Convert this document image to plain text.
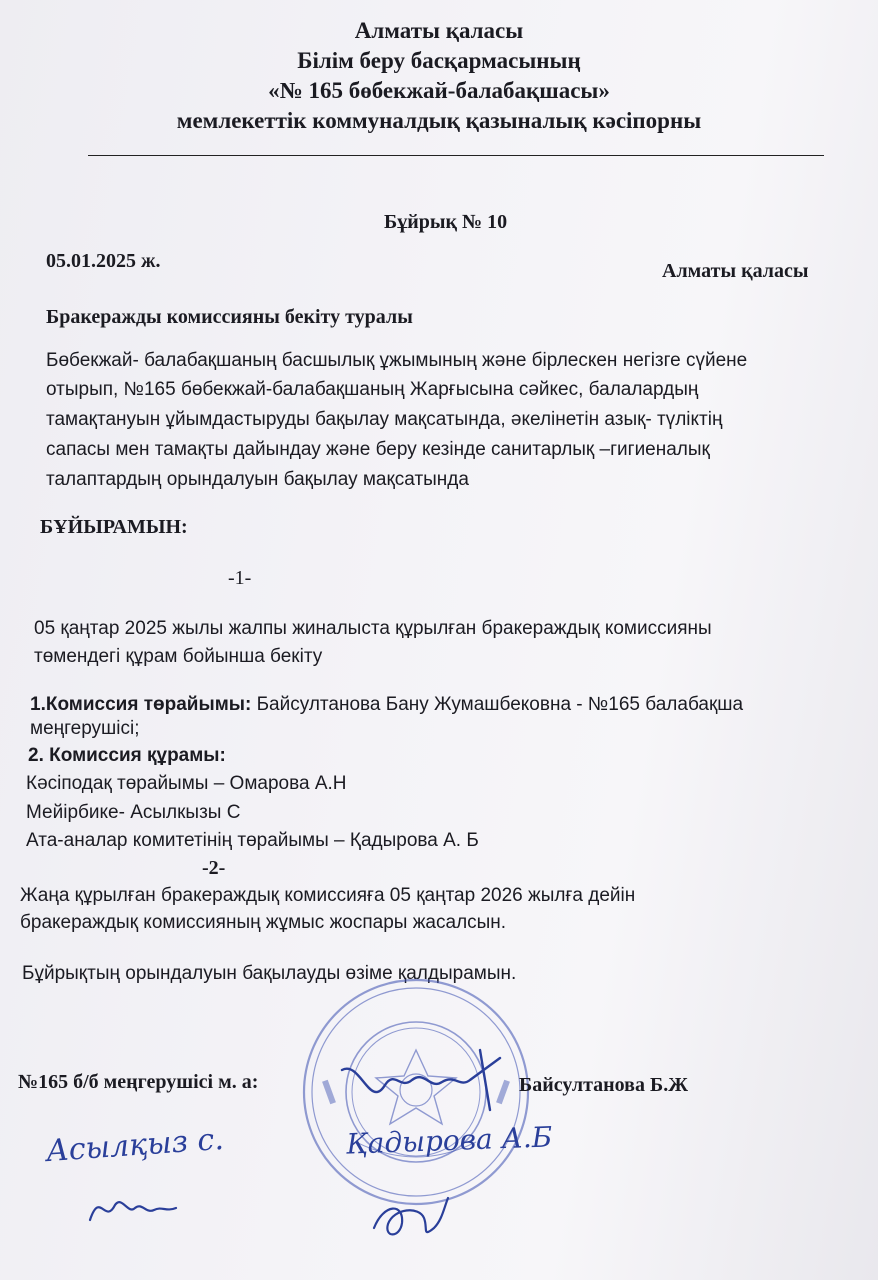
Алматы қаласы
Білім беру басқармасының
«№ 165 бөбекжай-балабақшасы»
мемлекеттік коммуналдық қазыналық кәсіпорны
Бұйрық № 10
05.01.2025 ж.	Алматы қаласы
Бракеражды комиссияны бекіту туралы
Бөбекжай- балабақшаның басшылық ұжымының және бірлескен негізге сүйене
отырып, №165 бөбекжай-балабақшаның Жарғысына сәйкес, балалардың
тамақтануын ұйымдастыруды бақылау мақсатында, әкелінетін азық- түліктің
сапасы мен тамақты дайындау және беру кезінде санитарлық –гигиеналық
талаптардың орындалуын бақылау мақсатында
БҰЙЫРАМЫН:
-1-
05 қаңтар 2025 жылы жалпы жиналыста құрылған бракераждық комиссияны
төмендегі құрам бойынша бекіту
1.Комиссия төрайымы: Байсултанова Бану Жумашбековна - №165 балабақша
меңгерушісі;
2. Комиссия құрамы:
Кәсіподақ төрайымы – Омарова А.Н
Мейірбике- Асылкызы С
Ата-аналар комитетінің төрайымы – Қадырова А. Б
-2-
Жаңа құрылған бракераждық комиссияға 05 қаңтар 2026 жылға дейін
бракераждық комиссияның жұмыс жоспары жасалсын.
Бұйрықтың орындалуын бақылауды өзіме қалдырамын.
№165 б/б меңгерушісі м. а:	Байсултанова Б.Ж
Асылқыз с.	Қадырова А.Б
